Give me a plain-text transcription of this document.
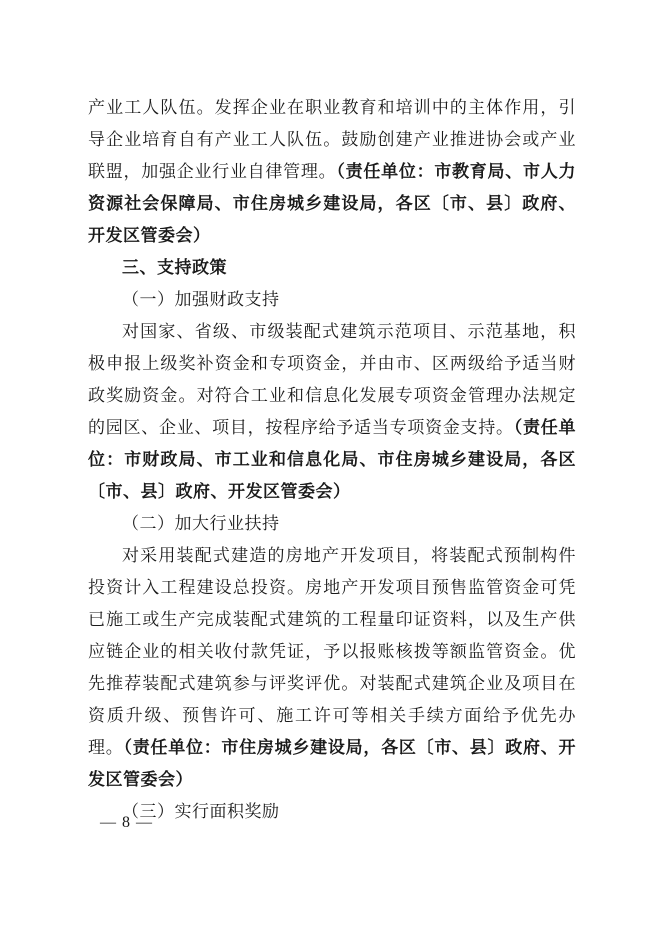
产业工人队伍。发挥企业在职业教育和培训中的主体作用，引导企业培育自有产业工人队伍。鼓励创建产业推进协会或产业联盟，加强企业行业自律管理。（责任单位：市教育局、市人力资源社会保障局、市住房城乡建设局，各区〔市、县〕政府、开发区管委会）

三、支持政策

（一）加强财政支持

对国家、省级、市级装配式建筑示范项目、示范基地，积极申报上级奖补资金和专项资金，并由市、区两级给予适当财政奖励资金。对符合工业和信息化发展专项资金管理办法规定的园区、企业、项目，按程序给予适当专项资金支持。（责任单位：市财政局、市工业和信息化局、市住房城乡建设局，各区〔市、县〕政府、开发区管委会）

（二）加大行业扶持

对采用装配式建造的房地产开发项目，将装配式预制构件投资计入工程建设总投资。房地产开发项目预售监管资金可凭已施工或生产完成装配式建筑的工程量印证资料，以及生产供应链企业的相关收付款凭证，予以报账核拨等额监管资金。优先推荐装配式建筑参与评奖评优。对装配式建筑企业及项目在资质升级、预售许可、施工许可等相关手续方面给予优先办理。（责任单位：市住房城乡建设局，各区〔市、县〕政府、开发区管委会）

（三）实行面积奖励

— 8 —
